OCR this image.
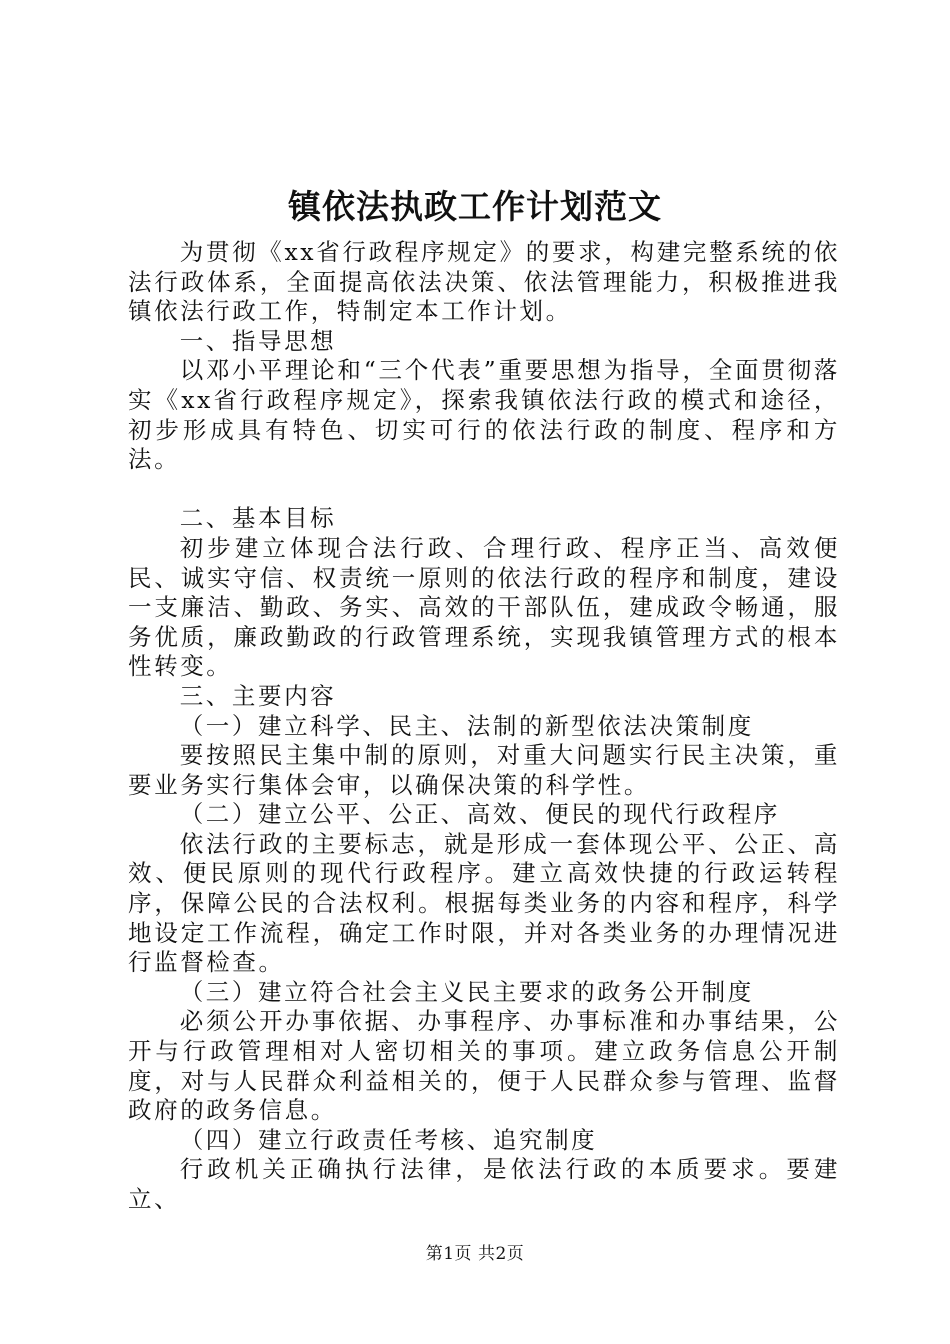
镇依法执政工作计划范文

为贯彻《xx省行政程序规定》的要求，构建完整系统的依法行政体系，全面提高依法决策、依法管理能力，积极推进我镇依法行政工作，特制定本工作计划。

一、指导思想

以邓小平理论和“三个代表”重要思想为指导，全面贯彻落实《xx省行政程序规定》，探索我镇依法行政的模式和途径，初步形成具有特色、切实可行的依法行政的制度、程序和方法。

二、基本目标

初步建立体现合法行政、合理行政、程序正当、高效便民、诚实守信、权责统一原则的依法行政的程序和制度，建设一支廉洁、勤政、务实、高效的干部队伍，建成政令畅通，服务优质，廉政勤政的行政管理系统，实现我镇管理方式的根本性转变。

三、主要内容

（一）建立科学、民主、法制的新型依法决策制度

要按照民主集中制的原则，对重大问题实行民主决策，重要业务实行集体会审，以确保决策的科学性。

（二）建立公平、公正、高效、便民的现代行政程序

依法行政的主要标志，就是形成一套体现公平、公正、高效、便民原则的现代行政程序。建立高效快捷的行政运转程序，保障公民的合法权利。根据每类业务的内容和程序，科学地设定工作流程，确定工作时限，并对各类业务的办理情况进行监督检查。

（三）建立符合社会主义民主要求的政务公开制度

必须公开办事依据、办事程序、办事标准和办事结果，公开与行政管理相对人密切相关的事项。建立政务信息公开制度，对与人民群众利益相关的，便于人民群众参与管理、监督政府的政务信息。

（四）建立行政责任考核、追究制度

行政机关正确执行法律，是依法行政的本质要求。要建立、

第1页 共2页
